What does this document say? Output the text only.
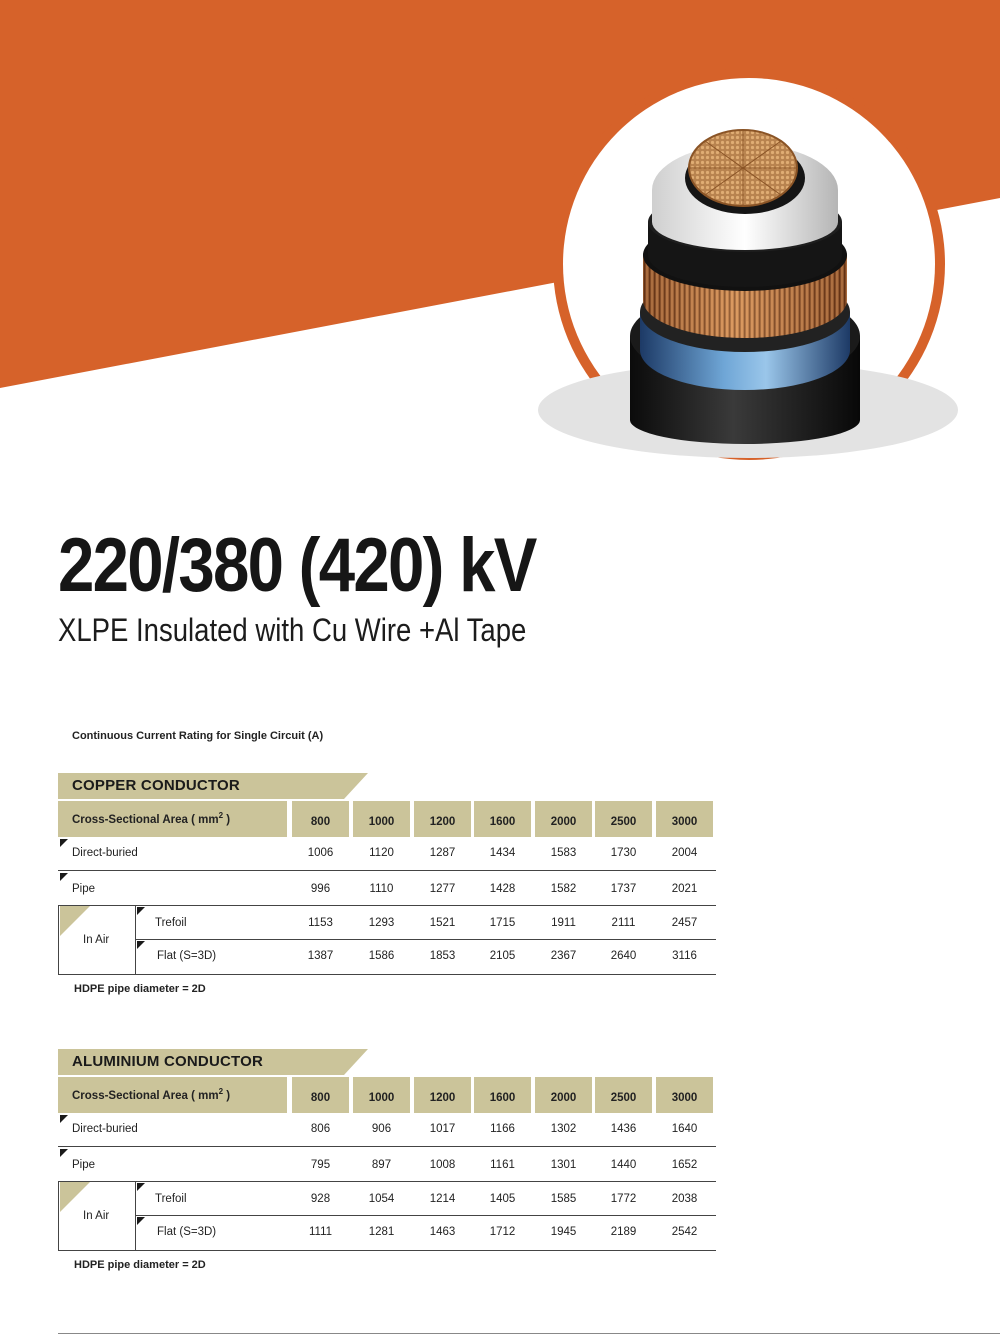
220/380 (420) kV
XLPE Insulated with Cu Wire +Al Tape
Continuous Current Rating for Single Circuit (A)
COPPER CONDUCTOR
Cross-Sectional Area ( $mm^2$ )	800	1000	1200	1600	2000	2500	3000
Direct-buried	1006	1120	1287	1434	1583	1730	2004
Pipe	996	1110	1277	1428	1582	1737	2021
In Air
Trefoil	1153	1293	1521	1715	1911	2111	2457
Flat (S=3D)	1387	1586	1853	2105	2367	2640	3116
HDPE pipe diameter = 2D
ALUMINIUM CONDUCTOR
Cross-Sectional Area ( $mm^2$ )	800	1000	1200	1600	2000	2500	3000
Direct-buried	806	906	1017	1166	1302	1436	1640
Pipe	795	897	1008	1161	1301	1440	1652
In Air
Trefoil	928	1054	1214	1405	1585	1772	2038
Flat (S=3D)	1111	1281	1463	1712	1945	2189	2542
HDPE pipe diameter = 2D
